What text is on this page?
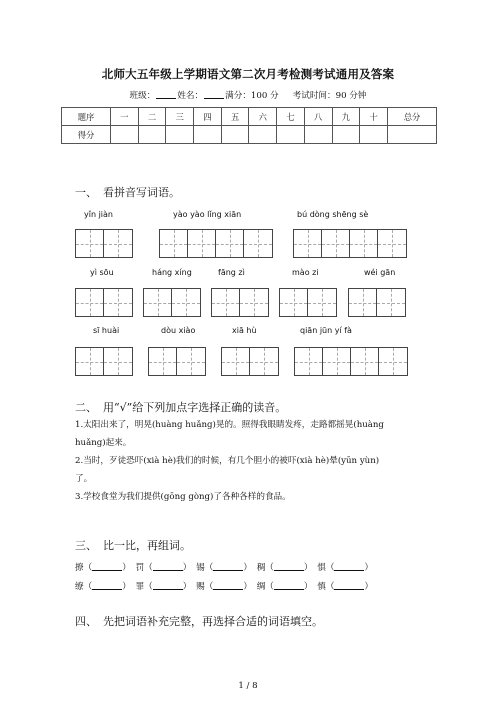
北师大五年级上学期语文第二次月考检测考试通用及答案
班级：	姓名：	满分：100 分 考试时间：90 分钟
题序	一	二	三	四	五	六	七	八	九	十	总分
得分											
一、 看拼音写词语。
yǐn jiàn	yào yào lǐng xiān	bú dòng shēng sè
yì sōu	háng xíng	fāng zì	mào zi	wéi gān
sī huài	dòu xiào	xiā hù	qiān jūn yí fà
二、 用“√”给下列加点字选择正确的读音。
1.太阳出来了，明晃(huàng huǎng)晃的。照得我眼睛发疼，走路都摇晃(huàng
huǎng)起来。
2.当时，歹徒恐吓(xià hè)我们的时候，有几个胆小的被吓(xià hè)晕(yūn yùn)
了。
3.学校食堂为我们提供(gōng gòng)了各种各样的食品。
三、 比一比，再组词。
撩（	） 罚（	） 锡（	） 稠（	） 惧（	）
缭（	） 罪（	） 赐（	） 绸（	） 慎（	）
四、 先把词语补充完整，再选择合适的词语填空。
1 / 8
